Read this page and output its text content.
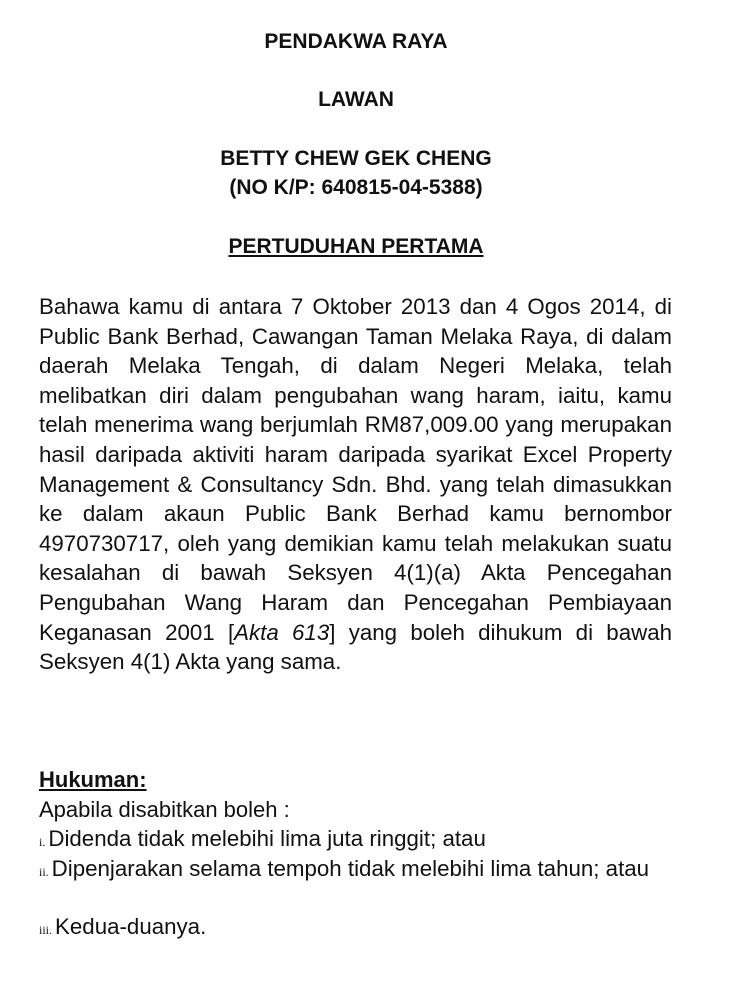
PENDAKWA RAYA
LAWAN
BETTY CHEW GEK CHENG
(NO K/P: 640815-04-5388)
PERTUDUHAN PERTAMA
Bahawa kamu di antara 7 Oktober 2013 dan 4 Ogos 2014, di Public Bank Berhad, Cawangan Taman Melaka Raya, di dalam daerah Melaka Tengah, di dalam Negeri Melaka, telah melibatkan diri dalam pengubahan wang haram, iaitu, kamu telah menerima wang berjumlah RM87,009.00 yang merupakan hasil daripada aktiviti haram daripada syarikat Excel Property Management & Consultancy Sdn. Bhd. yang telah dimasukkan ke dalam akaun Public Bank Berhad kamu bernombor 4970730717, oleh yang demikian kamu telah melakukan suatu kesalahan di bawah Seksyen 4(1)(a) Akta Pencegahan Pengubahan Wang Haram dan Pencegahan Pembiayaan Keganasan 2001 [Akta 613] yang boleh dihukum di bawah Seksyen 4(1) Akta yang sama.
Hukuman:
Apabila disabitkan boleh :
i. Didenda tidak melebihi lima juta ringgit; atau
ii. Dipenjarakan selama tempoh tidak melebihi lima tahun; atau
iii. Kedua-duanya.
